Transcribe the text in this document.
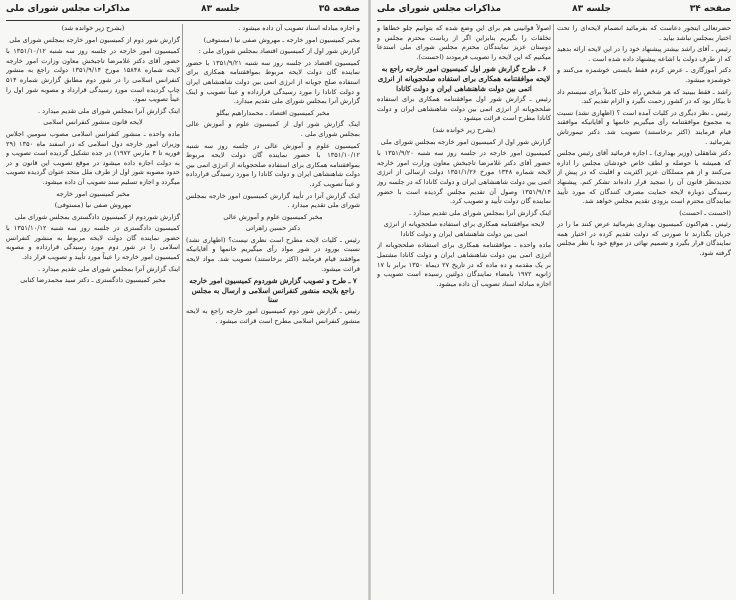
صفحه ۳۵
جلسه ۸۳
مذاکرات مجلس شورای ملی

و اجازه مبادله اسناد تصویب آن داده میشود .

مخبر کمیسیون امور خارجه ـ مهروش صفی نیا (مستوفی)

گزارش شور اول از کمیسیون اقتصاد بمجلس شورای ملی :

کمیسیون اقتصاد در جلسه روز سه شنبه ۱۳۵۱/۹/۲۱ با حضور نماینده گان دولت لایحه مربوط بموافقتنامه همکاری برای استفاده صلح جویانه از انرژی اتمی بین دولت شاهنشاهی ایران و دولت کانادا را مورد رسیدگی قرارداده و عیناً تصویب و اینک گزارش آنرا بمجلس شورای ملی تقدیم میدارد.

مخبر کمیسیون اقتصاد ـ محمداراهیم بیگلو

اینک گزارش شور اول از کمیسیون علوم و آموزش عالی بمجلس شورای ملی .

کمیسیون علوم و آموزش عالی در جلسه روز سه شنبه ۱۳۵۱/۱۰/۱۲ با حضور نماینده گان دولت لایحه مربوط بموافقتنامه همکاری برای استفاده صلحجویانه از انرژی اتمی بین دولت شاهنشاهی ایران و دولت کانادا را مورد رسیدگی قرارداده و عیناً تصویب کرد.

اینک گزارش آنرا در تأیید گزارش کمیسیون امور خارجه بمجلس شورای ملی تقدیم میدارد .

مخبر کمیسیون علوم و آموزش عالی

دکتر حسین زاهراتی

رئیس ـ کلیات لایحه مطرح است نظری نیست؟ (اظهاری نشد) نسبت بورود در شور مواد رأی میگیریم خانمها و آقایانیکه موافقند قیام فرمایند (اکثر برخاستند) تصویب شد. مواد لایحه قرائت میشود.

۷ ـ طرح و تصویب گزارش شوردوم کمیسیون امور خارجه راجع بلایحه منشور کنفرانس اسلامی و ارسال به مجلس سنا

رئیس ـ گزارش شور دوم کمیسیون امور خارجه راجع به لایحه منشور کنفرانس اسلامی مطرح است قرائت میشود .

(بشرح زیر خوانده شد)

گزارش شور دوم از کمیسیون امور خارجه بمجلس شورای ملی

کمیسیون امور خارجه در جلسه روز سه شنبه ۱۳۵۱/۱۰/۱۲ با حضور آقای دکتر غلامرضا تاجبخش معاون وزارت امور خارجه لایحه شماره ۱۵۸۴۸ مورخ ۱۳۵۱/۹/۱۴ دولت راجع به منشور کنفرانس اسلامی را در شور دوم مطابق گزارش شماره ۵۱۴ چاپ گردیده است مورد رسیدگی قرارداد و مصوبه شور اول را عیناً تصویب نمود.

اینک گزارش آنرا بمجلس شورای ملی تقدیم میدارد .

لایحه قانون منشور کنفرانس اسلامی

ماده واحده ـ منشور کنفرانس اسلامی مصوب سومین اجلاس وزیران امور خارجه دول اسلامی که در اسفند ماه ۱۳۵۰ (۲۹ فوریه تا ۴ مارس ۱۹۷۲) در جده تشکیل گردیده است تصویب و به دولت اجازه داده میشود در موقع تصویب این قانون و در حدود مصوبه شور اول از طرف ملل متحد عنوان گردیده تصویب میگردد و اجازه تسلیم سند تصویب آن داده میشود.

مخبر کمیسیون امور خارجه

مهروش صفی نیا (مستوفی)

گزارش شوردوم از کمیسیون دادگستری بمجلس شورای ملی

کمیسیون دادگستری در جلسه روز سه شنبه ۱۳۵۱/۱۰/۱۲ با حضور نماینده گان دولت لایحه مربوط به منشور کنفرانس اسلامی را در شور دوم مورد رسیدگی قرارداده و مصوبه کمیسیون امور خارجه را عیناً مورد تأیید و تصویب قرار داد.

اینک گزارش آنرا بمجلس شورای ملی تقدیم میدارد .

مخبر کمیسیون دادگستری ـ دکتر سید محمدرضا کنابی

صفحه ۳۴
جلسه ۸۳
مذاکرات مجلس شورای ملی

حضرتعالی اینجور دعاست که بفرمائید انضمام لایحه‌ای را تحت اختیار بمجلس نباشد بیاید .

رئیس ـ آقای راشد بیشتر پیشنهاد خود را در این لایحه ارائه بدهید که از طرف دولت با اشاعه پیشنهاد داده شده است .

دکتر آموزگاری ـ عرض کردم فقط بایستی خوشمزه می‌کنند و خوشمزه میشود.

راشد ـ فقط ببینید که هر شخص راه حلی کاملاً برای سیستم داد تا بیکار بود که در کشور زحمت نگیرد و الزام تقدیم کند.

رئیس ـ نظر دیگری در کلیات آمده است ؟ (اظهاری نشد) نسبت به مجموع موافقتنامه رأی میگیریم خانمها و آقایانیکه موافقند قیام فرمایند (اکثر برخاستند) تصویب شد. دکتر تیمورتاش بفرمائید .

دکتر شاهقلی (وزیر بهداری) ـ اجازه فرمائید آقای رئیس مجلس که همیشه با حوصله و لطف خاص خودشان مجلس را اداره می‌کنند و از هم مسلکان عزیز اکثریت و اقلیت که در پیش از تجدیدنظر قانون آن را تمجید قرار داده‌اند تشکر کنم. پیشنهاد رسیدگی دوباره لایحه حمایت مصرف کنندگان که مورد تأیید نمایندگان محترم است بزودی تقدیم مجلس خواهد شد.

(احسنت ـ احسنت)

رئیس ـ هم‌اکنون کمیسیون بهداری بفرمائید عرض کنند ما را در جریان بگذارند تا صورتی که دولت تقدیم کرده در اختیار همه نمایندگان قرار بگیرد و تصمیم نهائی در موقع خود با نظر مجلس گرفته شود.

اصولاً قوانینی هم برای این وضع شده که بتوانیم جلو خطاها و تخلفات را بگیریم بنابراین اگر از ریاست محترم مجلس و دوستان عزیز نمایندگان محترم مجلس شورای ملی استدعا میکنیم که این لایحه را تصویب فرمودند (احسنت).

۶ ـ طرح گزارش شور اول کمیسیون امور خارجه راجع به لایحه موافقتنامه همکاری برای استفاده صلحجویانه از انرژی اتمی بین دولت شاهنشاهی ایران و دولت کانادا

رئیس ـ گزارش شور اول موافقتنامه همکاری برای استفاده صلحجویانه از انرژی اتمی بین دولت شاهنشاهی ایران و دولت کانادا مطرح است قرائت میشود .

(بشرح زیر خوانده شد)

گزارش شور اول از کمیسیون امور خارجه بمجلس شورای ملی

کمیسیون امور خارجه در جلسه روز سه شنبه ۱۳۵۱/۹/۲۰ با حضور آقای دکتر غلامرضا تاجبخش معاون وزارت امور خارجه لایحه شماره ۱۳۴۸ مورخ ۱۳۵۱/۱/۲۶ دولت ارسالی از انرژی اتمی بین دولت شاهنشاهی ایران و دولت کانادا که در جلسه روز ۱۳۵۱/۹/۱۴ وصول آن تقدیم مجلس گردیده است با حضور نماینده گان دولت تأیید و تصویب کرد.

اینک گزارش آنرا بمجلس شورای ملی تقدیم میدارد .

لایحه موافقتنامه همکاری برای استفاده صلحجویانه از انرژی اتمی بین دولت شاهنشاهی ایران و دولت کانادا

ماده واحده ـ موافقتنامه همکاری برای استفاده صلحجویانه از انرژی اتمی بین دولت شاهنشاهی ایران و دولت کانادا مشتمل بر یک مقدمه و ده ماده که در تاریخ ۲۷ دیماه ۱۳۵۰ برابر با ۱۷ ژانویه ۱۹۷۲ بامضاء نمایندگان دولتین رسیده است تصویب و اجازه مبادله اسناد تصویب آن داده میشود.
